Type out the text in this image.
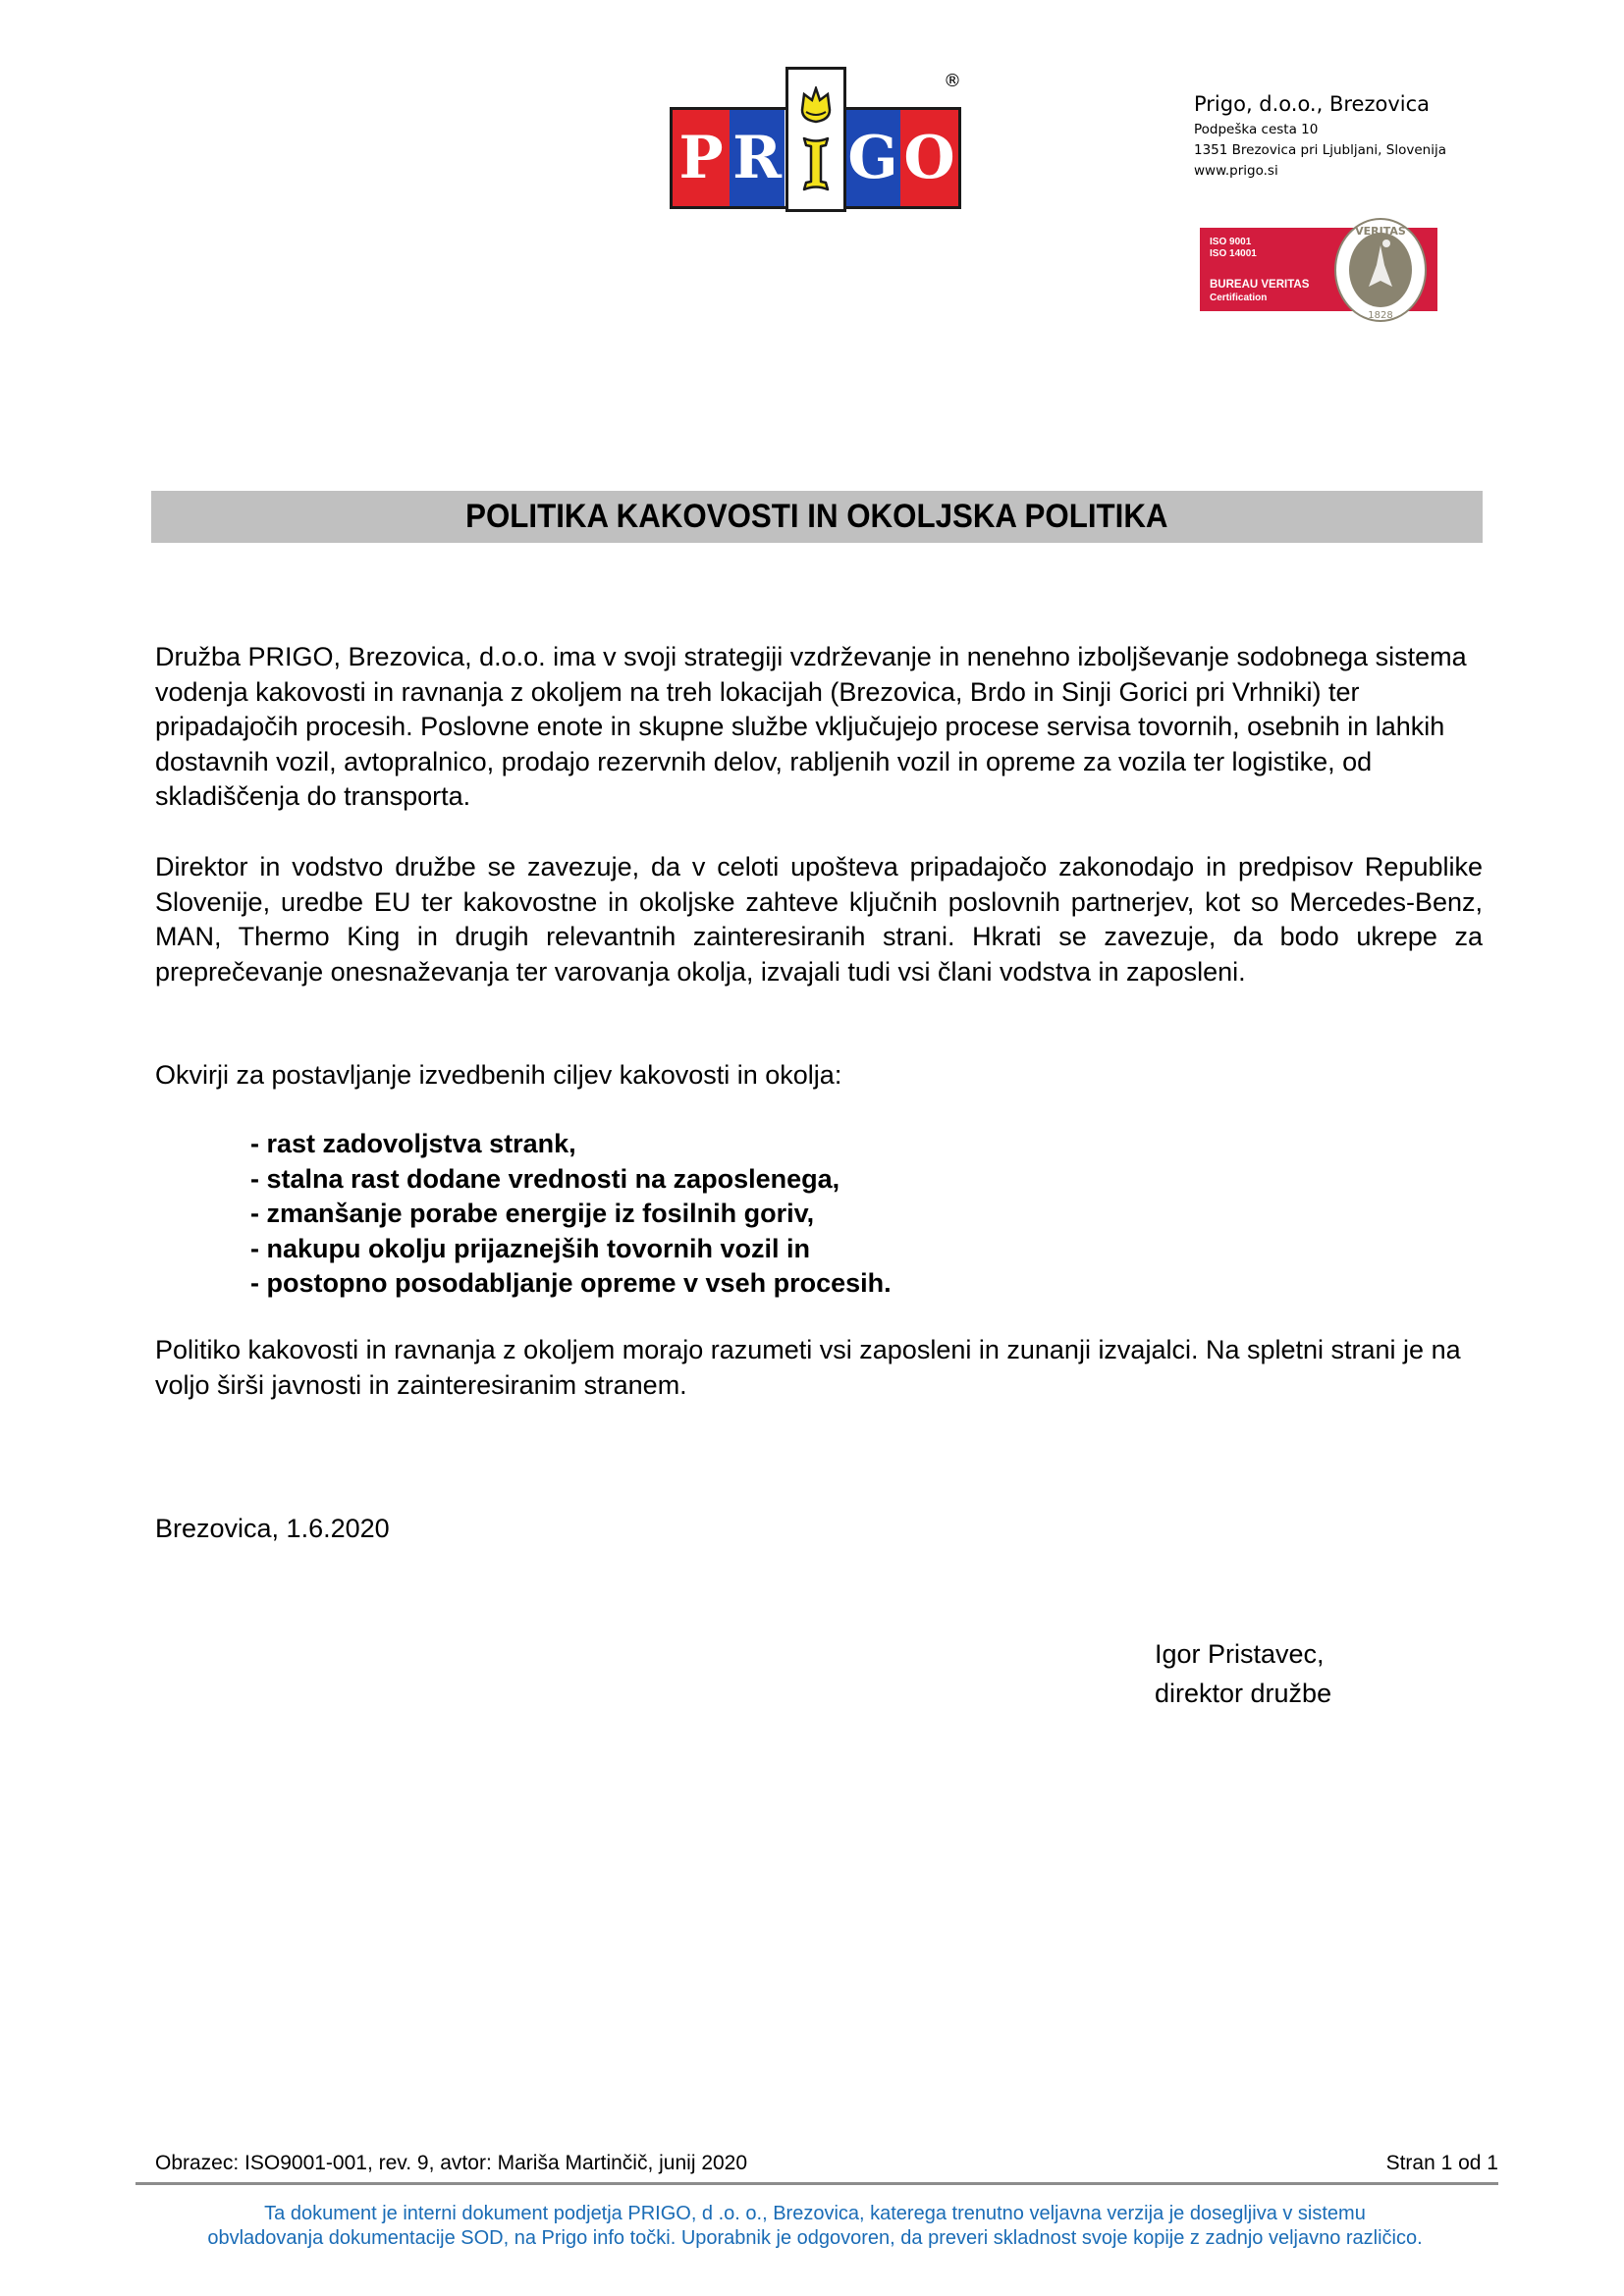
P R G O
®
Prigo, d.o.o., Brezovica
Podpeška cesta 10
1351 Brezovica pri Ljubljani, Slovenija
www.prigo.si
ISO 9001
ISO 14001
BUREAU VERITAS
Certification
VERITAS
1828
POLITIKA KAKOVOSTI IN OKOLJSKA POLITIKA

Družba PRIGO, Brezovica, d.o.o. ima v svoji strategiji vzdrževanje in nenehno izboljševanje sodobnega sistema vodenja kakovosti in ravnanja z okoljem na treh lokacijah (Brezovica, Brdo in Sinji Gorici pri Vrhniki) ter pripadajočih procesih. Poslovne enote in skupne službe vključujejo procese servisa tovornih, osebnih in lahkih dostavnih vozil, avtopralnico, prodajo rezervnih delov, rabljenih vozil in opreme za vozila ter logistike, od skladiščenja do transporta.

Direktor in vodstvo družbe se zavezuje, da v celoti upošteva pripadajočo zakonodajo in predpisov Republike Slovenije, uredbe EU ter kakovostne in okoljske zahteve ključnih poslovnih partnerjev, kot so Mercedes-Benz, MAN, Thermo King in drugih relevantnih zainteresiranih strani. Hkrati se zavezuje, da bodo ukrepe za preprečevanje onesnaževanja ter varovanja okolja, izvajali tudi vsi člani vodstva in zaposleni.

Okvirji za postavljanje izvedbenih ciljev kakovosti in okolja:

- rast zadovoljstva strank,
- stalna rast dodane vrednosti na zaposlenega,
- zmanšanje porabe energije iz fosilnih goriv,
- nakupu okolju prijaznejših tovornih vozil in
- postopno posodabljanje opreme v vseh procesih.

Politiko kakovosti in ravnanja z okoljem morajo razumeti vsi zaposleni in zunanji izvajalci. Na spletni strani je na voljo širši javnosti in zainteresiranim stranem.

Brezovica, 1.6.2020
Igor Pristavec,
direktor družbe
Obrazec: ISO9001-001, rev. 9, avtor: Mariša Martinčič, junij 2020	Stran 1 od 1
Ta dokument je interni dokument podjetja PRIGO, d .o. o., Brezovica, katerega trenutno veljavna verzija je dosegljiva v sistemu
obvladovanja dokumentacije SOD, na Prigo info točki. Uporabnik je odgovoren, da preveri skladnost svoje kopije z zadnjo veljavno različico.
